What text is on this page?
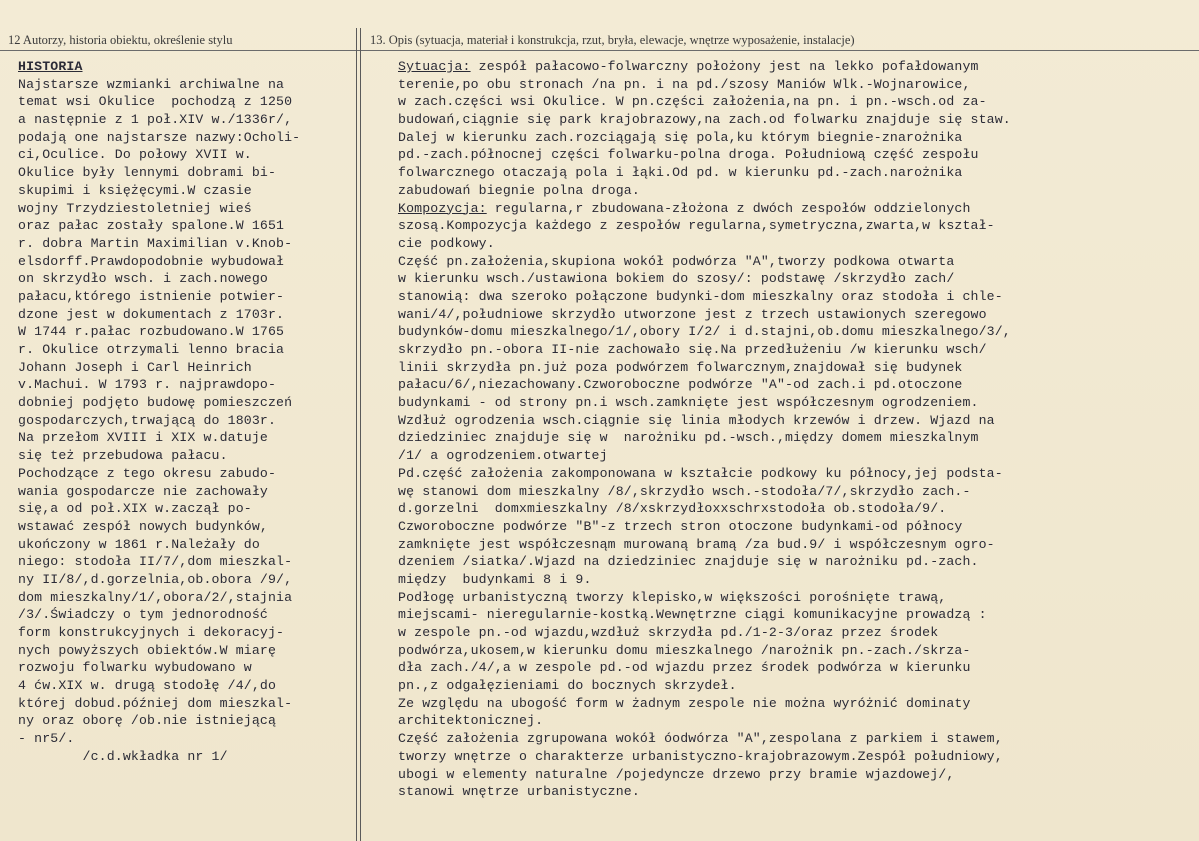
12 Autorzy, historia obiektu, określenie stylu	13. Opis (sytuacja, materiał i konstrukcja, rzut, bryła, elewacje, wnętrze wyposażenie, instalacje)
HISTORIA
Najstarsze wzmianki archiwalne na
temat wsi Okulice  pochodzą z 1250
a następnie z 1 poł.XIV w./1336r/,
podają one najstarsze nazwy:Ocholi-
ci,Oculice. Do połowy XVII w.
Okulice były lennymi dobrami bi-
skupimi i księżęcymi.W czasie
wojny Trzydziestoletniej wieś
oraz pałac zostały spalone.W 1651
r. dobra Martin Maximilian v.Knob-
elsdorff.Prawdopodobnie wybudował
on skrzydło wsch. i zach.nowego
pałacu,którego istnienie potwier-
dzone jest w dokumentach z 1703r.
W 1744 r.pałac rozbudowano.W 1765
r. Okulice otrzymali lenno bracia
Johann Joseph i Carl Heinrich
v.Machui. W 1793 r. najprawdopo-
dobniej podjęto budowę pomieszczeń
gospodarczych,trwającą do 1803r.
Na przełom XVIII i XIX w.datuje
się też przebudowa pałacu.
Pochodzące z tego okresu zabudo-
wania gospodarcze nie zachowały
się,a od poł.XIX w.zaczął po-
wstawać zespół nowych budynków,
ukończony w 1861 r.Należały do
niego: stodoła II/7/,dom mieszkal-
ny II/8/,d.gorzelnia,ob.obora /9/,
dom mieszkalny/1/,obora/2/,stajnia
/3/.Świadczy o tym jednorodność
form konstrukcyjnych i dekoracyj-
nych powyższych obiektów.W miarę
rozwoju folwarku wybudowano w
4 ćw.XIX w. drugą stodołę /4/,do
której dobud.później dom mieszkal-
ny oraz oborę /ob.nie istniejącą
- nr5/.
/c.d.wkładka nr 1/
Sytuacja: zespół pałacowo-folwarczny położony jest na lekko pofałdowanym
terenie,po obu stronach /na pn. i na pd./szosy Maniów Wlk.-Wojnarowice,
w zach.części wsi Okulice. W pn.części założenia,na pn. i pn.-wsch.od za-
budowań,ciągnie się park krajobrazowy,na zach.od folwarku znajduje się staw.
Dalej w kierunku zach.rozciągają się pola,ku którym biegnie-znarożnika
pd.-zach.północnej części folwarku-polna droga. Południową część zespołu
folwarcznego otaczają pola i łąki.Od pd. w kierunku pd.-zach.narożnika
zabudowań biegnie polna droga.
Kompozycja: regularna,r zbudowana-złożona z dwóch zespołów oddzielonych
szosą.Kompozycja każdego z zespołów regularna,symetryczna,zwarta,w kształ-
cie podkowy.
Część pn.założenia,skupiona wokół podwórza "A",tworzy podkowa otwarta
w kierunku wsch./ustawiona bokiem do szosy/: podstawę /skrzydło zach/
stanowią: dwa szeroko połączone budynki-dom mieszkalny oraz stodoła i chle-
wani/4/,południowe skrzydło utworzone jest z trzech ustawionych szeregowo
budynków-domu mieszkalnego/1/,obory I/2/ i d.stajni,ob.domu mieszkalnego/3/,
skrzydło pn.-obora II-nie zachowało się.Na przedłużeniu /w kierunku wsch/
linii skrzydła pn.już poza podwórzem folwarcznym,znajdował się budynek
pałacu/6/,niezachowany.Czworoboczne podwórze "A"-od zach.i pd.otoczone
budynkami - od strony pn.i wsch.zamknięte jest współczesnym ogrodzeniem.
Wzdłuż ogrodzenia wsch.ciągnie się linia młodych krzewów i drzew. Wjazd na
dziedziniec znajduje się w  narożniku pd.-wsch.,między domem mieszkalnym
/1/ a ogrodzeniem.otwartej
Pd.część założenia zakomponowana w kształcie podkowy ku północy,jej podsta-
wę stanowi dom mieszkalny /8/,skrzydło wsch.-stodoła/7/,skrzydło zach.-
d.gorzelni  domxmieszkalny /8/xskrzydłoxxschrxstodoła ob.stodoła/9/.
Czworoboczne podwórze "B"-z trzech stron otoczone budynkami-od północy
zamknięte jest współczesnąm murowaną bramą /za bud.9/ i współczesnym ogro-
dzeniem /siatka/.Wjazd na dziedziniec znajduje się w narożniku pd.-zach.
między  budynkami 8 i 9.
Podłogę urbanistyczną tworzy klepisko,w większości porośnięte trawą,
miejscami- nieregularnie-kostką.Wewnętrzne ciągi komunikacyjne prowadzą :
w zespole pn.-od wjazdu,wzdłuż skrzydła pd./1-2-3/oraz przez środek
podwórza,ukosem,w kierunku domu mieszkalnego /narożnik pn.-zach./skrza-
dła zach./4/,a w zespole pd.-od wjazdu przez środek podwórza w kierunku
pn.,z odgałęzieniami do bocznych skrzydeł.
Ze względu na ubogość form w żadnym zespole nie można wyróżnić dominaty
architektonicznej.
Część założenia zgrupowana wokół óodwórza "A",zespolana z parkiem i stawem,
tworzy wnętrze o charakterze urbanistyczno-krajobrazowym.Zespół południowy,
ubogi w elementy naturalne /pojedyncze drzewo przy bramie wjazdowej/,
stanowi wnętrze urbanistyczne.
